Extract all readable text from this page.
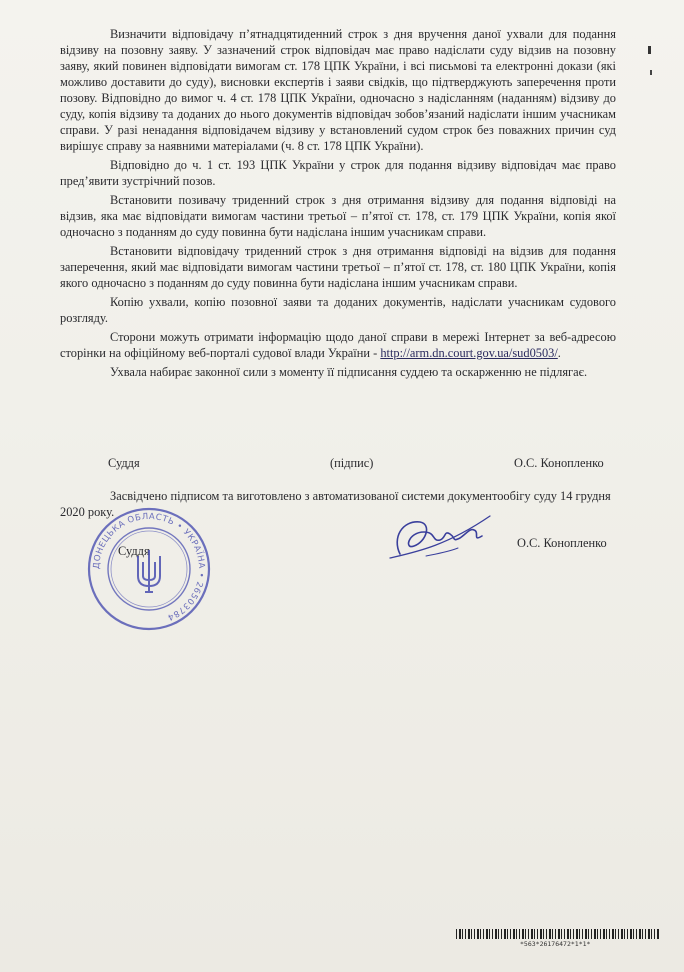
Визначити відповідачу п’ятнадцятиденний строк з дня вручення даної ухвали для подання відзиву на позовну заяву. У зазначений строк відповідач має право надіслати суду відзив на позовну заяву, який повинен відповідати вимогам ст. 178 ЦПК України, і всі письмові та електронні докази (які можливо доставити до суду), висновки експертів і заяви свідків, що підтверджують заперечення проти позову. Відповідно до вимог ч. 4 ст. 178 ЦПК України, одночасно з надісланням (наданням) відзиву до суду, копія відзиву та доданих до нього документів відповідач зобов’язаний надіслати іншим учасникам справи. У разі ненадання відповідачем відзиву у встановлений судом строк без поважних причин суд вирішує справу за наявними матеріалами (ч. 8 ст. 178 ЦПК України).

Відповідно до ч. 1 ст. 193 ЦПК України у строк для подання відзиву відповідач має право пред’явити зустрічний позов.

Встановити позивачу триденний строк з дня отримання відзиву для подання відповіді на відзив, яка має відповідати вимогам частини третьої – п’ятої ст. 178, ст. 179 ЦПК України, копія якої одночасно з поданням до суду повинна бути надіслана іншим учасникам справи.

Встановити відповідачу триденний строк з дня отримання відповіді на відзив для подання заперечення, який має відповідати вимогам частини третьої – п’ятої ст. 178, ст. 180 ЦПК України, копія якого одночасно з поданням до суду повинна бути надіслана іншим учасникам справи.

Копію ухвали, копію позовної заяви та доданих документів, надіслати учасникам судового розгляду.

Сторони можуть отримати інформацію щодо даної справи в мережі Інтернет за веб-адресою сторінки на офіційному веб-порталі судової влади України - http://arm.dn.court.gov.ua/sud0503/.

Ухвала набирає законної сили з моменту її підписання суддею та оскарженню не підлягає.

Суддя	(підпис)	О.С. Конопленко
Засвідчено підписом та виготовлено з автоматизованої системи документообігу суду 14 грудня 2020 року.
Суддя
О.С. Конопленко
ДОНЕЦЬКА ОБЛАСТЬ • УКРАЇНА • 26503784
*563*26176472*1*1*
